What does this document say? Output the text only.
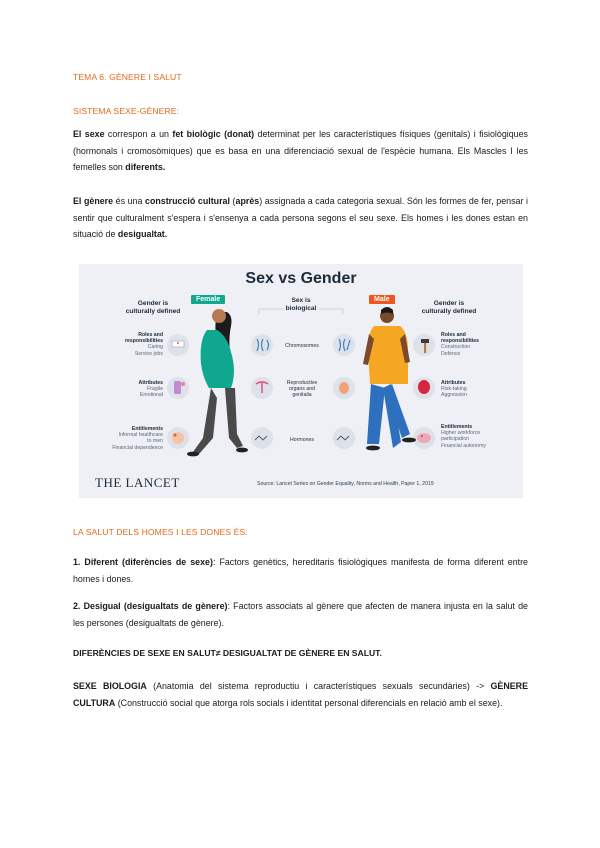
TEMA 6. GÈNERE I SALUT
SISTEMA SEXE-GÈNERE:

El sexe correspon a un fet biològic (donat) determinat per les característiques físiques (genitals) i fisiològiques (hormonals i cromosòmiques) que es basa en una diferenciació sexual de l'espècie humana. Els Mascles I les femelles son diferents.

El gènere és una construcció cultural (après) assignada a cada categoria sexual. Són les formes de fer, pensar i sentir que culturalment s'espera i s'ensenya a cada persona segons el seu sexe. Els homes i les dones estan en situació de desigualtat.

Sex vs Gender
Gender is
culturally defined
Sex is
biological
Gender is
culturally defined
Female	Male
Roles and
responsibilities
Caring
Service jobs
Attributes
Fragile
Emotional
Entitlements
Informal healthcare
to men
Financial dependence
Chromosomes
Reproductive
organs and
genitalia
Hormones
Roles and
responsibilities
Construction
Defence
Attributes
Risk-taking
Aggression
Entitlements
Higher workforce
participation
Financial autonomy
THE LANCET	Source: Lancet Series on Gender Equality, Norms and Health, Paper 1, 2019
LA SALUT DELS HOMES I LES DONES ÉS:

1. Diferent (diferències de sexe): Factors genètics, hereditaris fisiològiques manifesta de forma diferent entre homes i dones.

2. Desigual (desigualtats de gènere): Factors associats al gènere que afecten de manera injusta en la salut de les persones (desigualtats de gènere).

DIFERÈNCIES DE SEXE EN SALUT≠ DESIGUALTAT DE GÈNERE EN SALUT.

SEXE BIOLOGIA (Anatomia del sistema reproductiu i característiques sexuals secundàries) -> GÈNERE CULTURA (Construcció social que atorga rols socials i identitat personal diferencials en relació amb el sexe).
